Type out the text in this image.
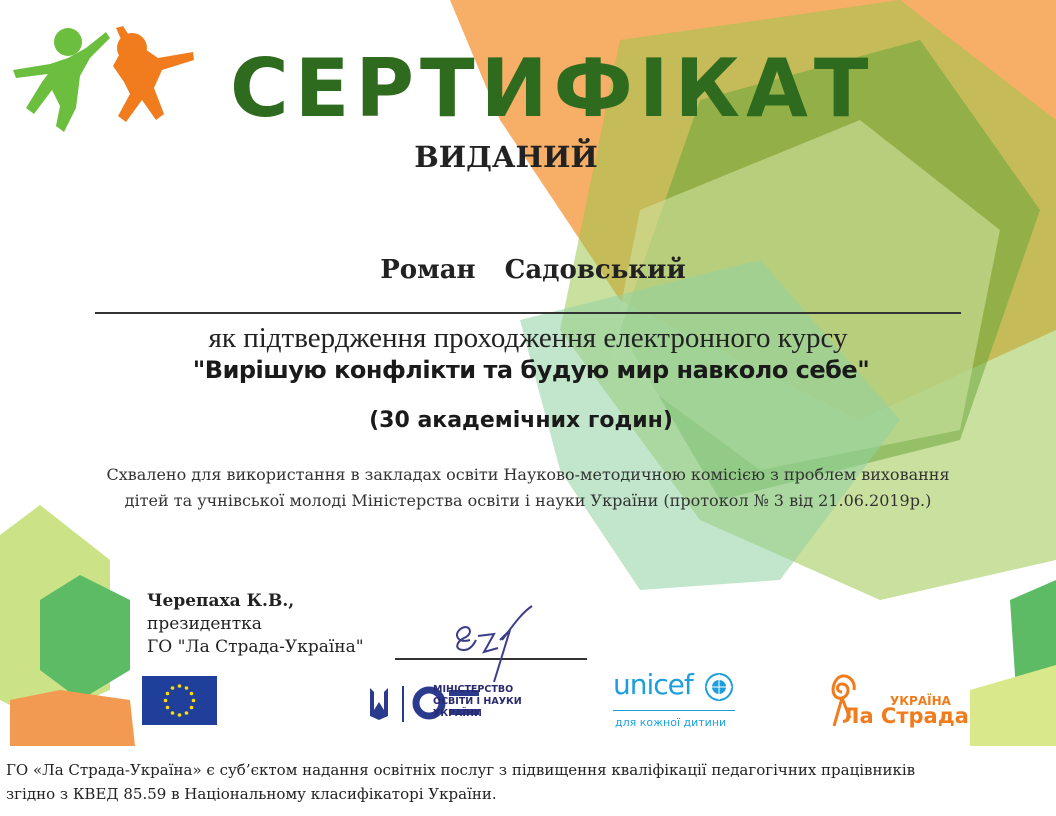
СЕРТИФІКАТ
ВИДАНИЙ
Роман Садовський
як підтвердження проходження електронного курсу
"Вирішую конфлікти та будую мир навколо себе"
(30 академічних годин)
Схвалено для використання в закладах освіти Науково-методичною комісією з проблем виховання
дітей та учнівської молоді Міністерства освіти і науки України (протокол № 3 від 21.06.2019р.)
Черепаха К.В.,
президентка
ГО "Ла Страда-Україна"
МІНІСТЕРСТВО
ОСВІТИ І НАУКИ
УКРАЇНИ
unicef
для кожної дитини
УКРАЇНА
Ла Страда
ГО «Ла Страда-Україна» є суб’єктом надання освітніх послуг з підвищення кваліфікації педагогічних працівників
згідно з КВЕД 85.59 в Національному класифікаторі України.
